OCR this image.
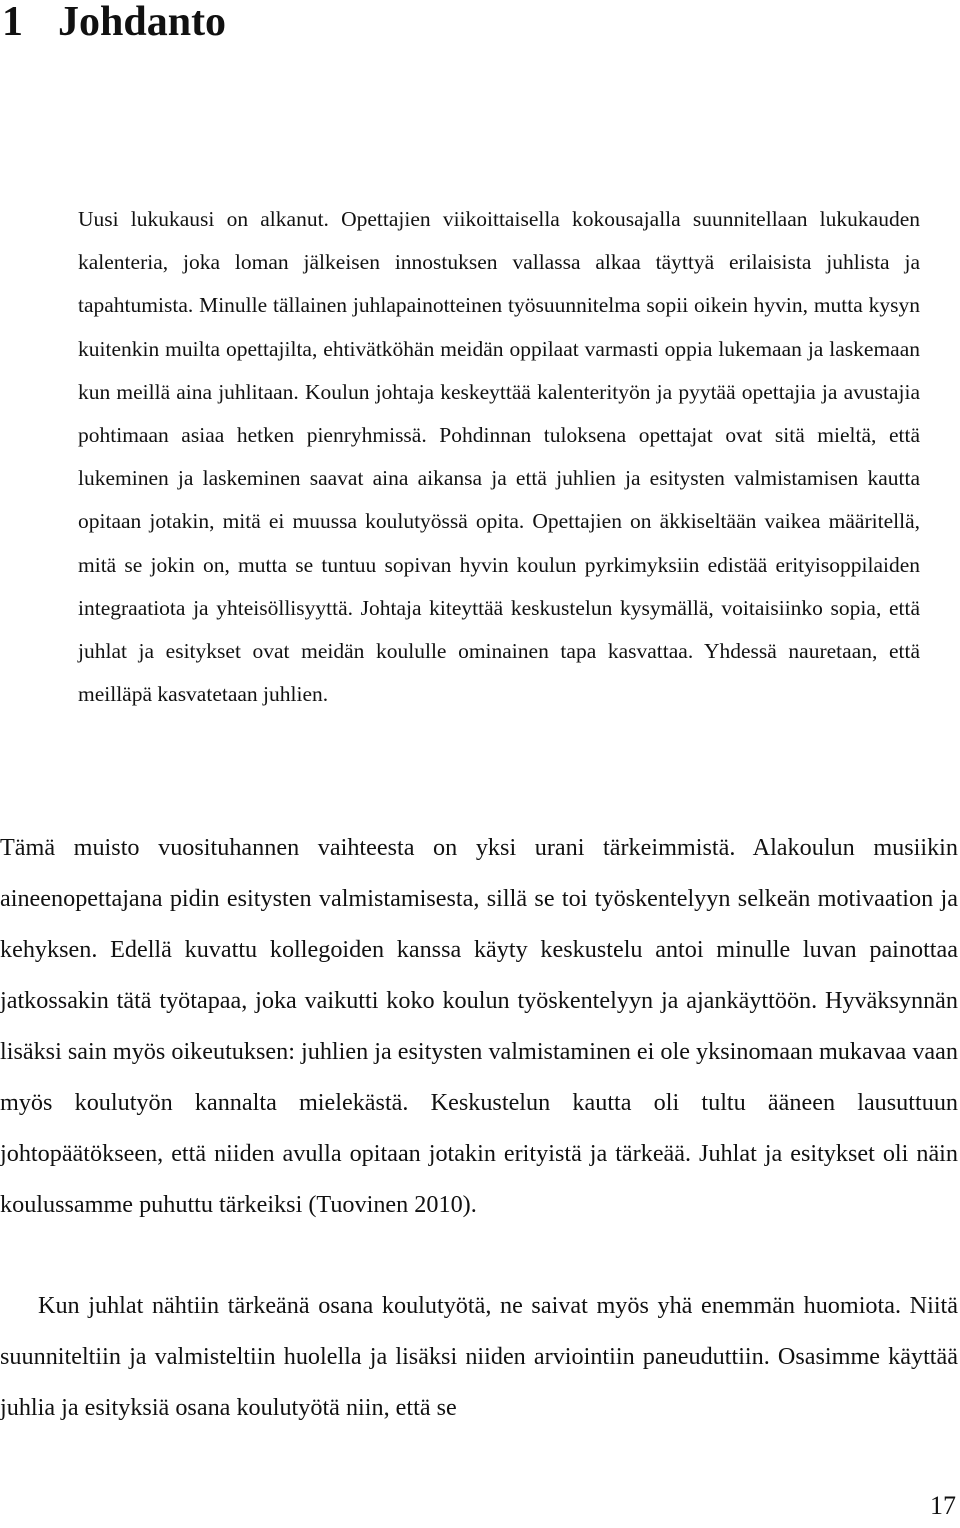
1 Johdanto

Uusi lukukausi on alkanut. Opettajien viikoittaisella kokousajalla suunnitellaan lukukauden kalenteria, joka loman jälkeisen innostuksen vallassa alkaa täyttyä erilaisista juhlista ja tapahtumista. Minulle tällainen juhlapainotteinen työsuunnitelma sopii oikein hyvin, mutta kysyn kuitenkin muilta opettajilta, ehtivätköhän meidän oppilaat varmasti oppia lukemaan ja laskemaan kun meillä aina juhlitaan. Koulun johtaja keskeyttää kalenterityön ja pyytää opettajia ja avustajia pohtimaan asiaa hetken pienryhmissä. Pohdinnan tuloksena opettajat ovat sitä mieltä, että lukeminen ja laskeminen saavat aina aikansa ja että juhlien ja esitysten valmistamisen kautta opitaan jotakin, mitä ei muussa koulutyössä opita. Opettajien on äkkiseltään vaikea määritellä, mitä se jokin on, mutta se tuntuu sopivan hyvin koulun pyrkimyksiin edistää erityisoppilaiden integraatiota ja yhteisöllisyyttä. Johtaja kiteyttää keskustelun kysymällä, voitaisiinko sopia, että juhlat ja esitykset ovat meidän koululle ominainen tapa kasvattaa. Yhdessä nauretaan, että meilläpä kasvatetaan juhlien.

Tämä muisto vuosituhannen vaihteesta on yksi urani tärkeimmistä. Alakoulun musiikin aineenopettajana pidin esitysten valmistamisesta, sillä se toi työskentelyyn selkeän motivaation ja kehyksen. Edellä kuvattu kollegoiden kanssa käyty keskustelu antoi minulle luvan painottaa jatkossakin tätä työtapaa, joka vaikutti koko koulun työskentelyyn ja ajankäyttöön. Hyväksynnän lisäksi sain myös oikeutuksen: juhlien ja esitysten valmistaminen ei ole yksinomaan mukavaa vaan myös koulutyön kannalta mielekästä. Keskustelun kautta oli tultu ääneen lausuttuun johtopäätökseen, että niiden avulla opitaan jotakin erityistä ja tärkeää. Juhlat ja esitykset oli näin koulussamme puhuttu tärkeiksi (Tuovinen 2010).

Kun juhlat nähtiin tärkeänä osana koulutyötä, ne saivat myös yhä enemmän huomiota. Niitä suunniteltiin ja valmisteltiin huolella ja lisäksi niiden arviointiin paneuduttiin. Osasimme käyttää juhlia ja esityksiä osana koulutyötä niin, että se

17
